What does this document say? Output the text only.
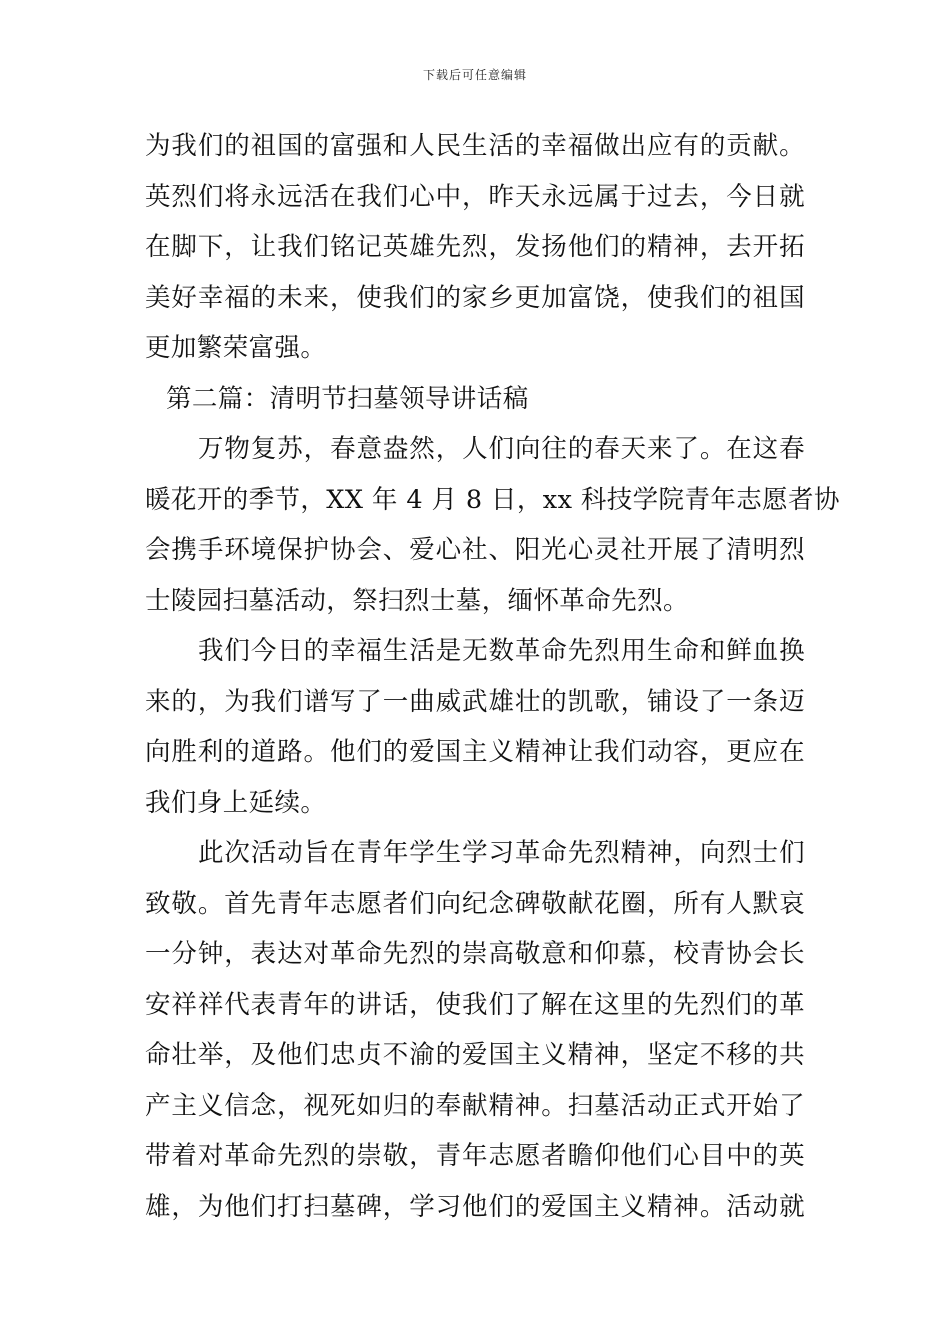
下载后可任意编辑
为我们的祖国的富强和人民生活的幸福做出应有的贡献。
英烈们将永远活在我们心中，昨天永远属于过去，今日就
在脚下，让我们铭记英雄先烈，发扬他们的精神，去开拓
美好幸福的未来，使我们的家乡更加富饶，使我们的祖国
更加繁荣富强。
第二篇：清明节扫墓领导讲话稿
万物复苏，春意盎然，人们向往的春天来了。在这春
暖花开的季节，XX 年 4 月 8 日，xx 科技学院青年志愿者协
会携手环境保护协会、爱心社、阳光心灵社开展了清明烈
士陵园扫墓活动，祭扫烈士墓，缅怀革命先烈。
我们今日的幸福生活是无数革命先烈用生命和鲜血换
来的，为我们谱写了一曲威武雄壮的凯歌，铺设了一条迈
向胜利的道路。他们的爱国主义精神让我们动容，更应在
我们身上延续。
此次活动旨在青年学生学习革命先烈精神，向烈士们
致敬。首先青年志愿者们向纪念碑敬献花圈，所有人默哀
一分钟，表达对革命先烈的崇高敬意和仰慕，校青协会长
安祥祥代表青年的讲话，使我们了解在这里的先烈们的革
命壮举，及他们忠贞不渝的爱国主义精神，坚定不移的共
产主义信念，视死如归的奉献精神。扫墓活动正式开始了
带着对革命先烈的崇敬，青年志愿者瞻仰他们心目中的英
雄，为他们打扫墓碑，学习他们的爱国主义精神。活动就
